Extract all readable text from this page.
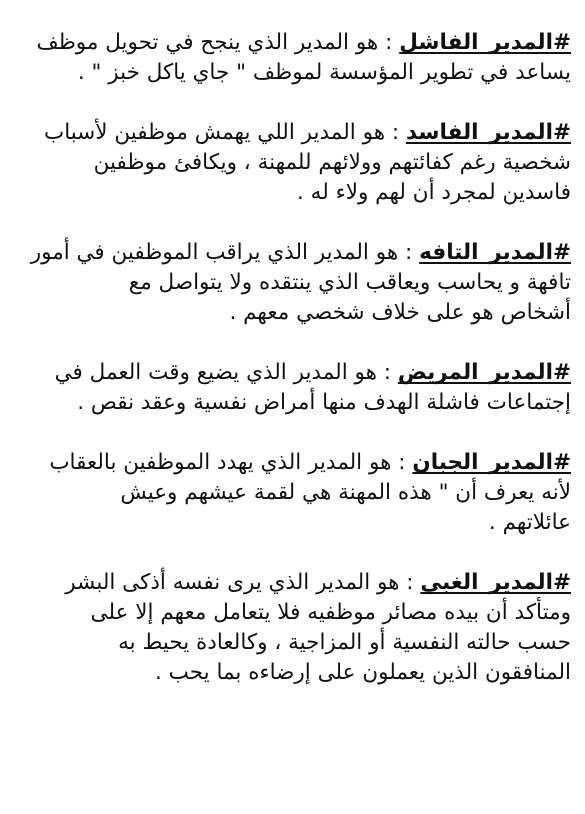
#المدير_الفاشل : هو المدير الذي ينجح في تحويل موظف
يساعد في تطوير المؤسسة لموظف " جاي ياكل خبز " .

#المدير_الفاسد : هو المدير اللي يهمش موظفين لأسباب
شخصية رغم كفائتهم وولائهم للمهنة ، ويكافئ موظفين
فاسدين لمجرد أن لهم ولاء له .

#المدير_التافه : هو المدير الذي يراقب الموظفين في أمور
تافهة و يحاسب ويعاقب الذي ينتقده ولا يتواصل مع
أشخاص هو على خلاف شخصي معهم .

#المدير_المريض : هو المدير الذي يضيع وقت العمل في
إجتماعات فاشلة الهدف منها أمراض نفسية وعقد نقص .

#المدير_الجبان : هو المدير الذي يهدد الموظفين بالعقاب
لأنه يعرف أن " هذه المهنة هي لقمة عيشهم وعيش
عائلاتهم .

#المدير_الغبي : هو المدير الذي يرى نفسه أذكى البشر
ومتأكد أن بيده مصائر موظفيه فلا يتعامل معهم إلا على
حسب حالته النفسية أو المزاجية ، وكالعادة يحيط به
المنافقون الذين يعملون على إرضاءه بما يحب .
